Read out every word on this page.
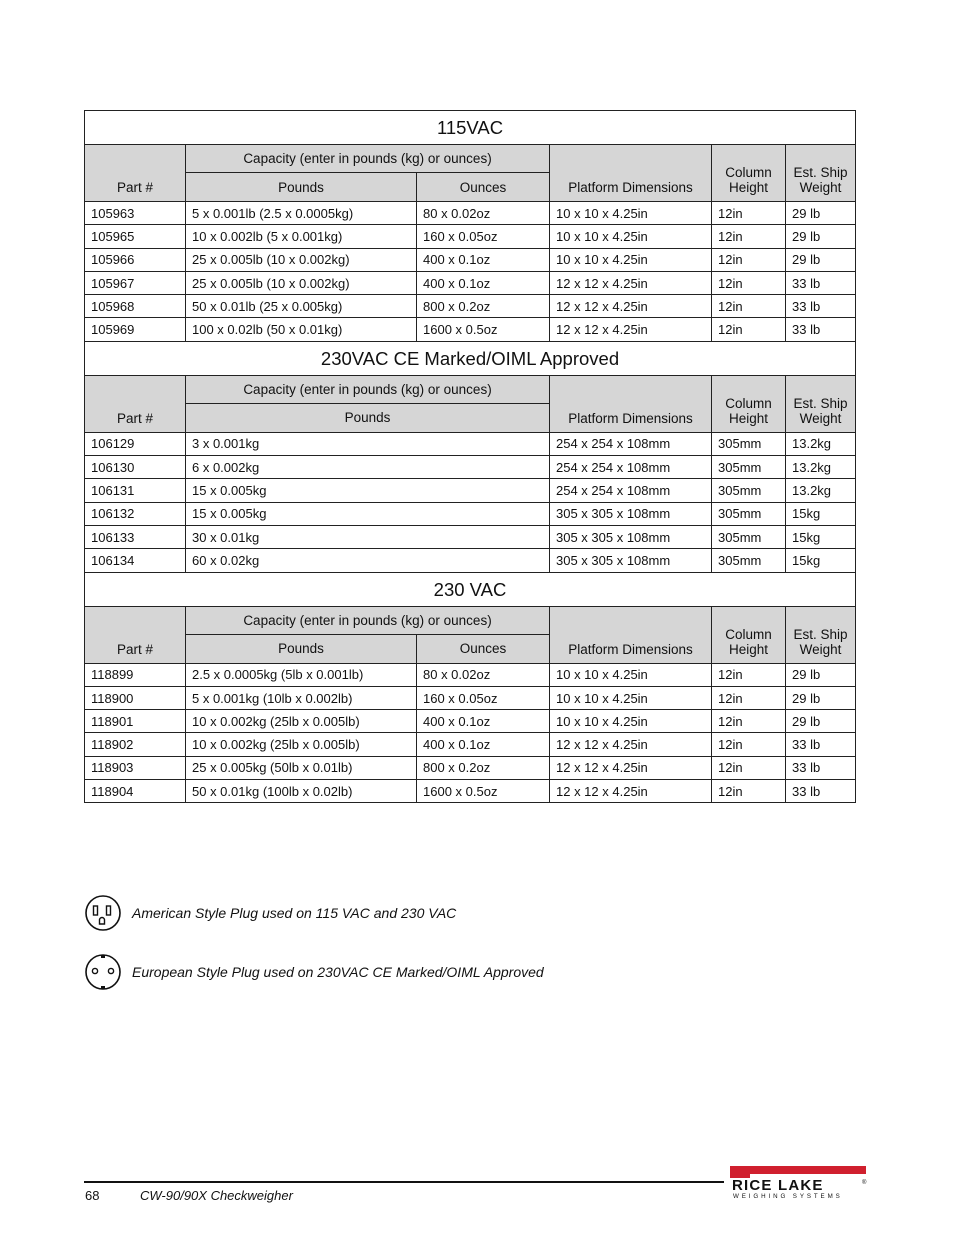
115VAC					
Part #	Capacity (enter in pounds (kg) or ounces)		Platform Dimensions	Column Height	Est. Ship Weight
	Pounds	Ounces			
105963	5 x 0.001lb (2.5 x 0.0005kg)	80 x 0.02oz	10 x 10 x 4.25in	12in	29 lb
105965	10 x 0.002lb (5 x 0.001kg)	160 x 0.05oz	10 x 10 x 4.25in	12in	29 lb
105966	25 x 0.005lb (10 x 0.002kg)	400 x 0.1oz	10 x 10 x 4.25in	12in	29 lb
105967	25 x 0.005lb (10 x 0.002kg)	400 x 0.1oz	12 x 12 x 4.25in	12in	33 lb
105968	50 x 0.01lb (25 x 0.005kg)	800 x 0.2oz	12 x 12 x 4.25in	12in	33 lb
105969	100 x 0.02lb (50 x 0.01kg)	1600 x 0.5oz	12 x 12 x 4.25in	12in	33 lb
230VAC CE Marked/OIML Approved				
Part #	Capacity (enter in pounds (kg) or ounces)	Platform Dimensions	Column Height	Est. Ship Weight
	Pounds			
106129	3 x 0.001kg	254 x 254 x 108mm	305mm	13.2kg
106130	6 x 0.002kg	254 x 254 x 108mm	305mm	13.2kg
106131	15 x 0.005kg	254 x 254 x 108mm	305mm	13.2kg
106132	15 x 0.005kg	305 x 305 x 108mm	305mm	15kg
106133	30 x 0.01kg	305 x 305 x 108mm	305mm	15kg
106134	60 x 0.02kg	305 x 305 x 108mm	305mm	15kg
230 VAC					
Part #	Capacity (enter in pounds (kg) or ounces)		Platform Dimensions	Column Height	Est. Ship Weight
	Pounds	Ounces			
118899	2.5 x 0.0005kg (5lb x 0.001lb)	80 x 0.02oz	10 x 10 x 4.25in	12in	29 lb
118900	5 x 0.001kg (10lb x 0.002lb)	160 x 0.05oz	10 x 10 x 4.25in	12in	29 lb
118901	10 x 0.002kg (25lb x 0.005lb)	400 x 0.1oz	10 x 10 x 4.25in	12in	29 lb
118902	10 x 0.002kg (25lb x 0.005lb)	400 x 0.1oz	12 x 12 x 4.25in	12in	33 lb
118903	25 x 0.005kg (50lb x 0.01lb)	800 x 0.2oz	12 x 12 x 4.25in	12in	33 lb
118904	50 x 0.01kg (100lb x 0.02lb)	1600 x 0.5oz	12 x 12 x 4.25in	12in	33 lb
American Style Plug used on 115 VAC and 230 VAC
European Style Plug used on 230VAC CE Marked/OIML Approved
68	CW-90/90X Checkweigher
RICE LAKE	®
WEIGHING SYSTEMS
